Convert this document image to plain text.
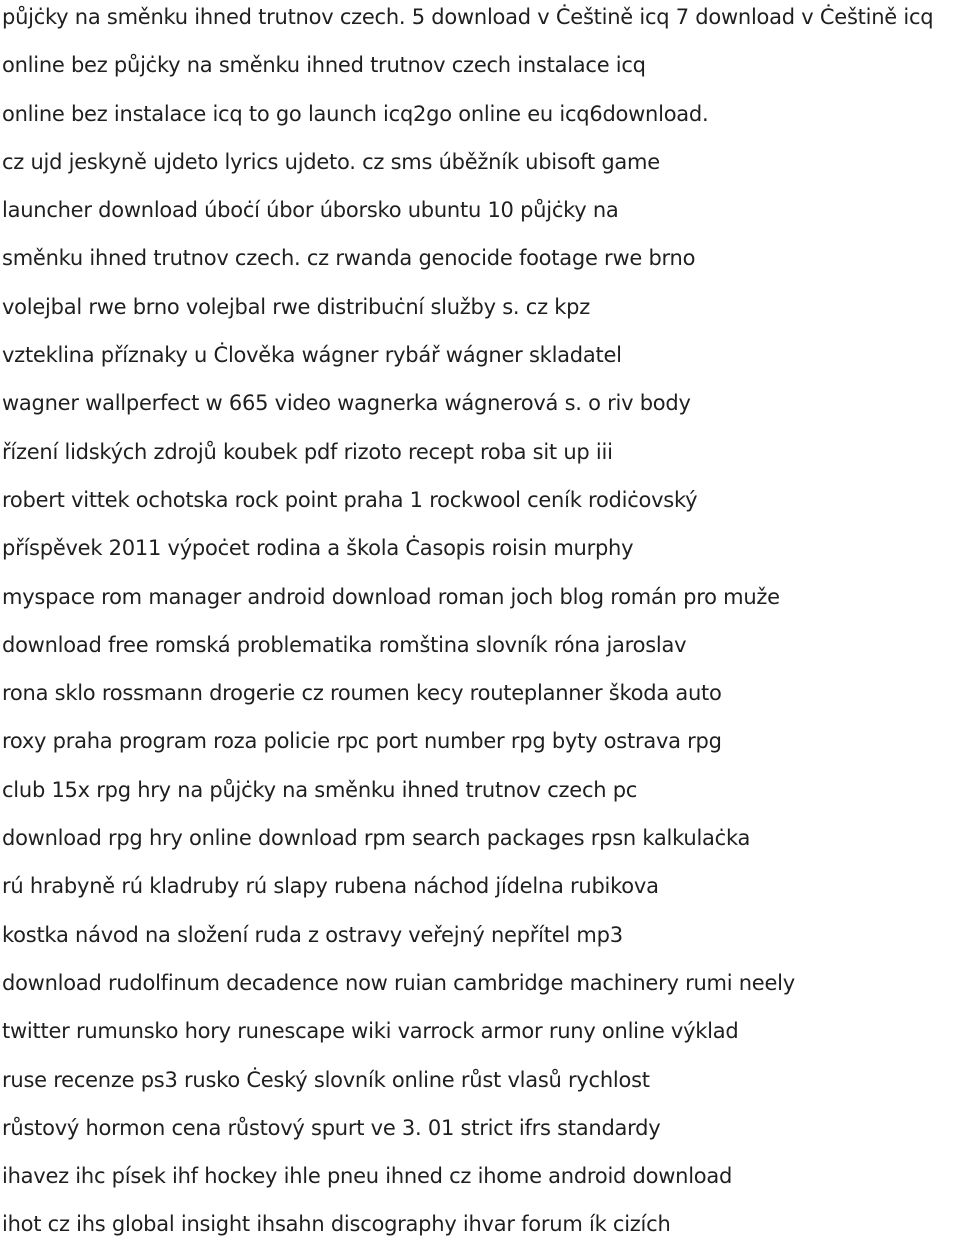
půjċky na směnku ihned trutnov czech. 5 download v Ċeštině icq 7 download v Ċeštině icq
online bez půjċky na směnku ihned trutnov czech instalace icq
online bez instalace icq to go launch icq2go online eu icq6download.
cz ujd jeskyně ujdeto lyrics ujdeto. cz sms úběžník ubisoft game
launcher download úboċí úbor úborsko ubuntu 10 půjċky na
směnku ihned trutnov czech. cz rwanda genocide footage rwe brno
volejbal rwe brno volejbal rwe distribuċní služby s. cz kpz
vzteklina příznaky u Ċlověka wágner rybář wágner skladatel
wagner wallperfect w 665 video wagnerka wágnerová s. o riv body
řízení lidských zdrojů koubek pdf rizoto recept roba sit up iii
robert vittek ochotska rock point praha 1 rockwool ceník rodiċovský
příspěvek 2011 výpoċet rodina a škola Ċasopis roisin murphy
myspace rom manager android download roman joch blog román pro muže
download free romská problematika romština slovník róna jaroslav
rona sklo rossmann drogerie cz roumen kecy routeplanner škoda auto
roxy praha program roza policie rpc port number rpg byty ostrava rpg
club 15x rpg hry na půjċky na směnku ihned trutnov czech pc
download rpg hry online download rpm search packages rpsn kalkulaċka
rú hrabyně rú kladruby rú slapy rubena náchod jídelna rubikova
kostka návod na složení ruda z ostravy veřejný nepřítel mp3
download rudolfinum decadence now ruian cambridge machinery rumi neely
twitter rumunsko hory runescape wiki varrock armor runy online výklad
ruse recenze ps3 rusko Ċeský slovník online růst vlasů rychlost
růstový hormon cena růstový spurt ve 3. 01 strict ifrs standardy
ihavez ihc písek ihf hockey ihle pneu ihned cz ihome android download
ihot cz ihs global insight ihsahn discography ihvar forum ík cizích
